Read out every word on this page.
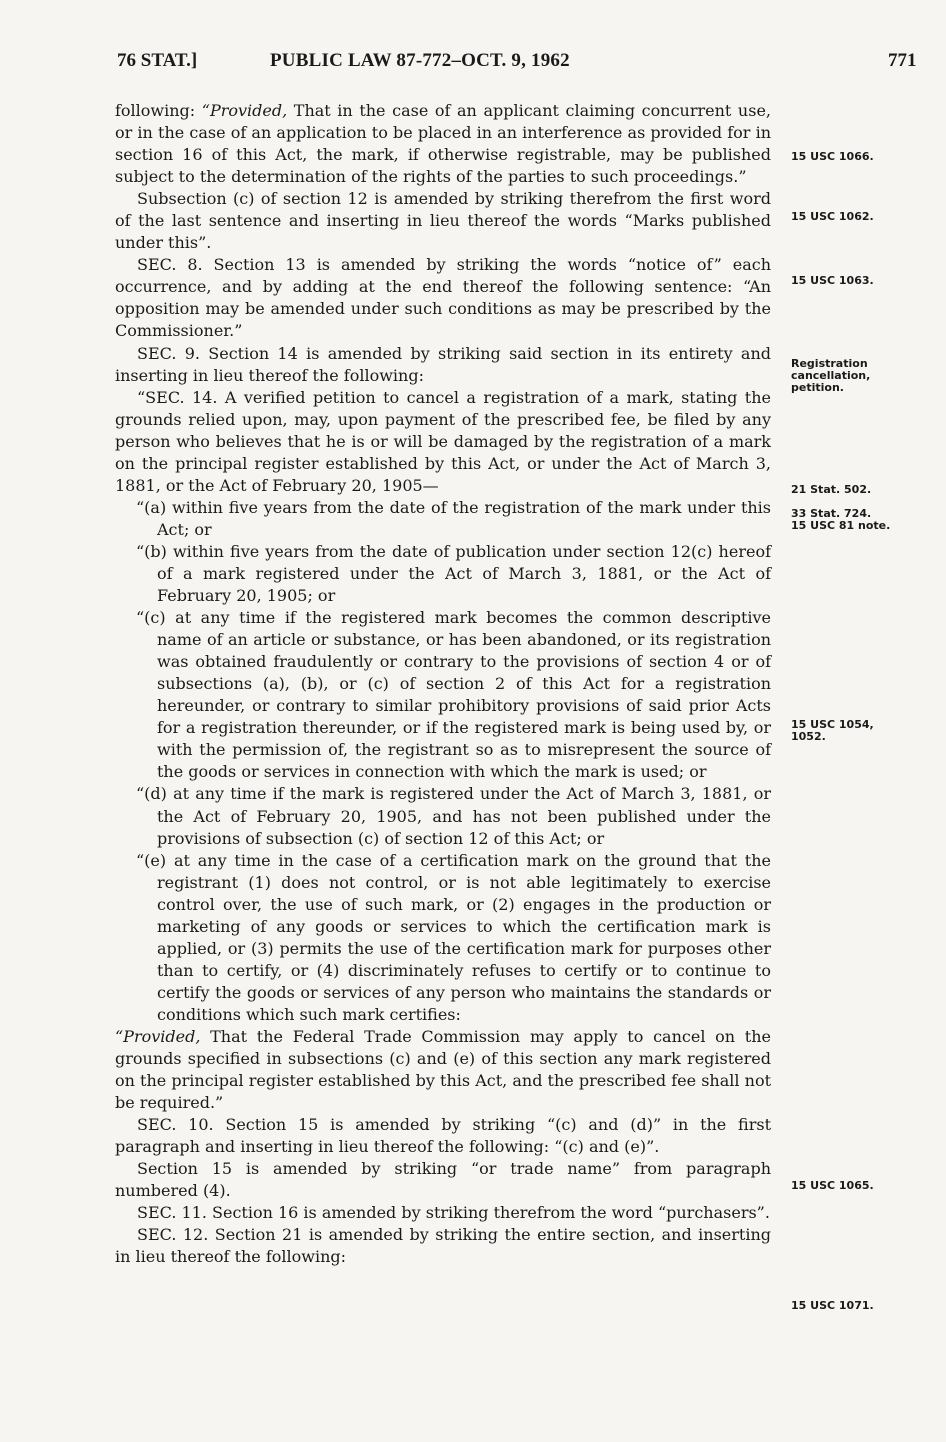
76 STAT.]	PUBLIC LAW 87-772–OCT. 9, 1962	771

following: “Provided, That in the case of an applicant claiming concurrent use, or in the case of an application to be placed in an interference as provided for in section 16 of this Act, the mark, if otherwise registrable, may be published subject to the determination of the rights of the parties to such proceedings.”

Subsection (c) of section 12 is amended by striking therefrom the first word of the last sentence and inserting in lieu thereof the words “Marks published under this”.

SEC. 8. Section 13 is amended by striking the words “notice of” each occurrence, and by adding at the end thereof the following sentence: “An opposition may be amended under such conditions as may be prescribed by the Commissioner.”

SEC. 9. Section 14 is amended by striking said section in its entirety and inserting in lieu thereof the following:

“SEC. 14. A verified petition to cancel a registration of a mark, stating the grounds relied upon, may, upon payment of the prescribed fee, be filed by any person who believes that he is or will be damaged by the registration of a mark on the principal register established by this Act, or under the Act of March 3, 1881, or the Act of February 20, 1905—

“(a) within five years from the date of the registration of the mark under this Act; or

“(b) within five years from the date of publication under section 12(c) hereof of a mark registered under the Act of March 3, 1881, or the Act of February 20, 1905; or

“(c) at any time if the registered mark becomes the common descriptive name of an article or substance, or has been abandoned, or its registration was obtained fraudulently or contrary to the provisions of section 4 or of subsections (a), (b), or (c) of section 2 of this Act for a registration hereunder, or contrary to similar prohibitory provisions of said prior Acts for a registration thereunder, or if the registered mark is being used by, or with the permission of, the registrant so as to misrepresent the source of the goods or services in connection with which the mark is used; or

“(d) at any time if the mark is registered under the Act of March 3, 1881, or the Act of February 20, 1905, and has not been published under the provisions of subsection (c) of section 12 of this Act; or

“(e) at any time in the case of a certification mark on the ground that the registrant (1) does not control, or is not able legitimately to exercise control over, the use of such mark, or (2) engages in the production or marketing of any goods or services to which the certification mark is applied, or (3) permits the use of the certification mark for purposes other than to certify, or (4) discriminately refuses to certify or to continue to certify the goods or services of any person who maintains the standards or conditions which such mark certifies:

“Provided, That the Federal Trade Commission may apply to cancel on the grounds specified in subsections (c) and (e) of this section any mark registered on the principal register established by this Act, and the prescribed fee shall not be required.”

SEC. 10. Section 15 is amended by striking “(c) and (d)” in the first paragraph and inserting in lieu thereof the following: “(c) and (e)”.

Section 15 is amended by striking “or trade name” from paragraph numbered (4).

SEC. 11. Section 16 is amended by striking therefrom the word “purchasers”.

SEC. 12. Section 21 is amended by striking the entire section, and inserting in lieu thereof the following:

15 USC 1066.
15 USC 1062.
15 USC 1063.
Registration
cancellation,
petition.
21 Stat. 502.
33 Stat. 724.
15 USC 81 note.
15 USC 1054, 1052.
15 USC 1065.
15 USC 1071.
